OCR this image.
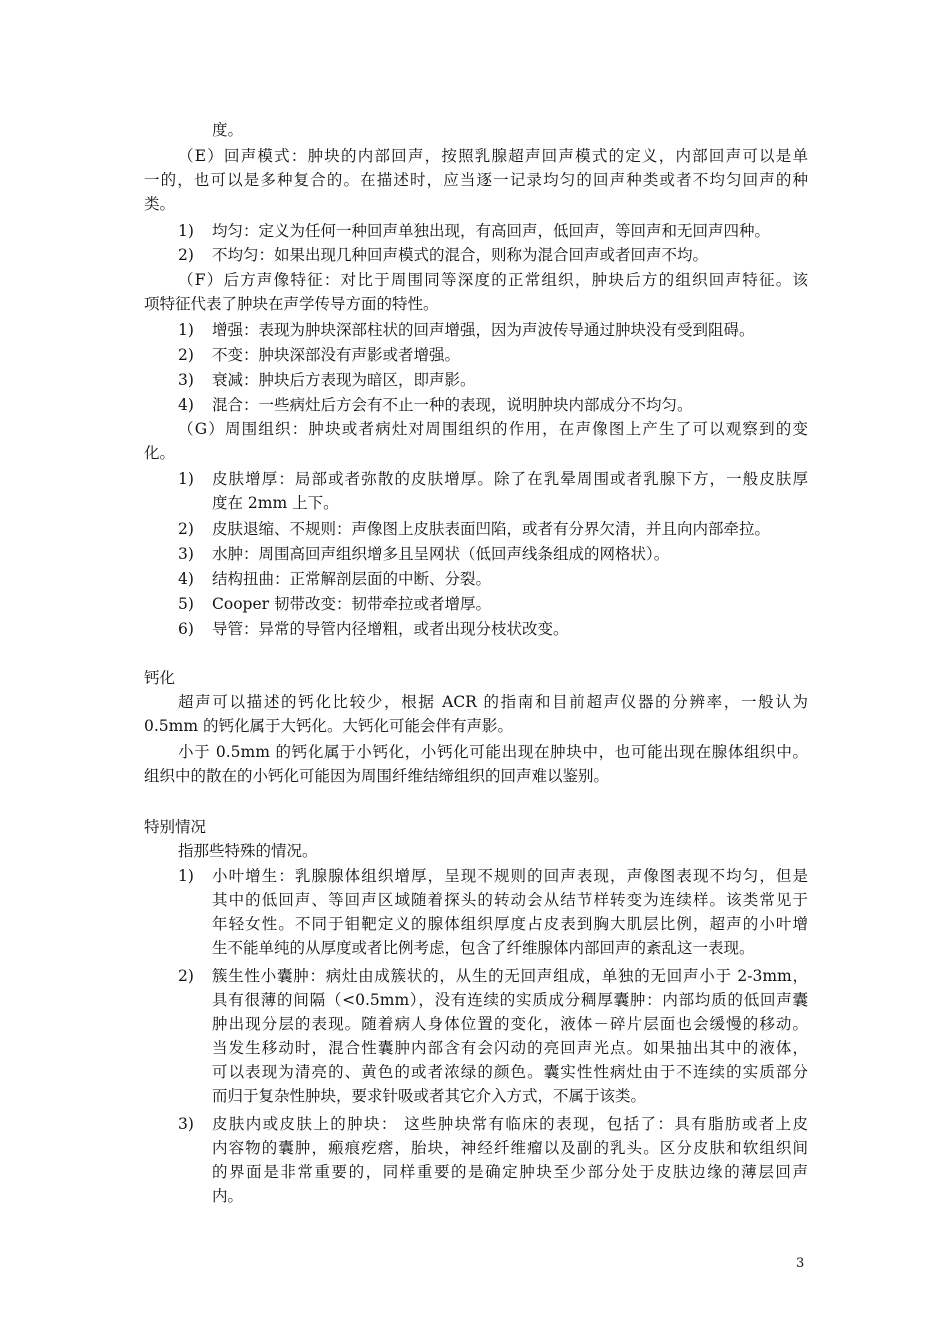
度。
（E）回声模式：肿块的内部回声，按照乳腺超声回声模式的定义，内部回声可以是单
一的，也可以是多种复合的。在描述时，应当逐一记录均匀的回声种类或者不均匀回声的种
类。
1) 均匀：定义为任何一种回声单独出现，有高回声，低回声，等回声和无回声四种。
2) 不均匀：如果出现几种回声模式的混合，则称为混合回声或者回声不均。
（F）后方声像特征：对比于周围同等深度的正常组织，肿块后方的组织回声特征。该
项特征代表了肿块在声学传导方面的特性。
1) 增强：表现为肿块深部柱状的回声增强，因为声波传导通过肿块没有受到阻碍。
2) 不变：肿块深部没有声影或者增强。
3) 衰减：肿块后方表现为暗区，即声影。
4) 混合：一些病灶后方会有不止一种的表现，说明肿块内部成分不均匀。
（G）周围组织：肿块或者病灶对周围组织的作用，在声像图上产生了可以观察到的变
化。
1) 皮肤增厚：局部或者弥散的皮肤增厚。除了在乳晕周围或者乳腺下方，一般皮肤厚
度在 2mm 上下。
2) 皮肤退缩、不规则：声像图上皮肤表面凹陷，或者有分界欠清，并且向内部牵拉。
3) 水肿：周围高回声组织增多且呈网状（低回声线条组成的网格状）。
4) 结构扭曲：正常解剖层面的中断、分裂。
5) Cooper 韧带改变：韧带牵拉或者增厚。
6) 导管：异常的导管内径增粗，或者出现分枝状改变。
钙化
超声可以描述的钙化比较少，根据 ACR 的指南和目前超声仪器的分辨率，一般认为
0.5mm 的钙化属于大钙化。大钙化可能会伴有声影。
小于 0.5mm 的钙化属于小钙化，小钙化可能出现在肿块中，也可能出现在腺体组织中。
组织中的散在的小钙化可能因为周围纤维结缔组织的回声难以鉴别。
特别情况
指那些特殊的情况。
1) 小叶增生：乳腺腺体组织增厚，呈现不规则的回声表现，声像图表现不均匀，但是
其中的低回声、等回声区域随着探头的转动会从结节样转变为连续样。该类常见于
年轻女性。不同于钼靶定义的腺体组织厚度占皮表到胸大肌层比例，超声的小叶增
生不能单纯的从厚度或者比例考虑，包含了纤维腺体内部回声的紊乱这一表现。
2) 簇生性小囊肿：病灶由成簇状的，从生的无回声组成，单独的无回声小于 2-3mm，
具有很薄的间隔（<0.5mm），没有连续的实质成分稠厚囊肿：内部均质的低回声囊
肿出现分层的表现。随着病人身体位置的变化，液体－碎片层面也会缓慢的移动。
当发生移动时，混合性囊肿内部含有会闪动的亮回声光点。如果抽出其中的液体，
可以表现为清亮的、黄色的或者浓绿的颜色。囊实性性病灶由于不连续的实质部分
而归于复杂性肿块，要求针吸或者其它介入方式，不属于该类。
3) 皮肤内或皮肤上的肿块： 这些肿块常有临床的表现，包括了：具有脂肪或者上皮
内容物的囊肿，瘢痕疙瘩，胎块，神经纤维瘤以及副的乳头。区分皮肤和软组织间
的界面是非常重要的，同样重要的是确定肿块至少部分处于皮肤边缘的薄层回声
内。
3
